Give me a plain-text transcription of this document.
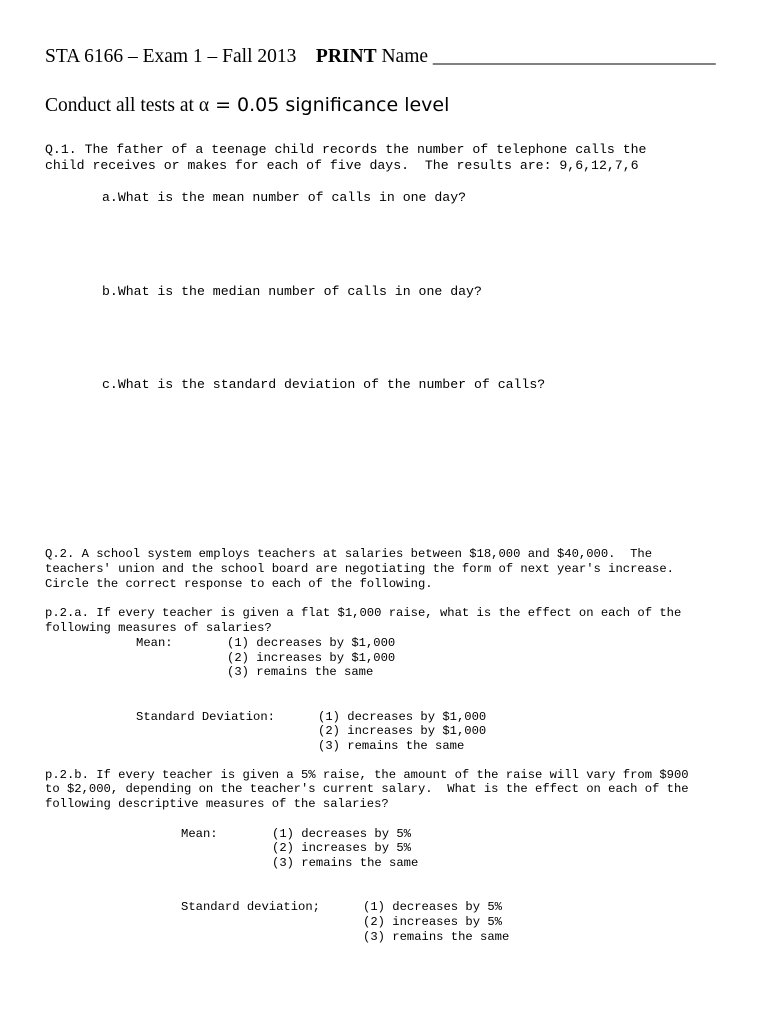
STA 6166 – Exam 1 – Fall 2013 PRINT Name _____________________________
Conduct all tests at α = 0.05 significance level
Q.1. The father of a teenage child records the number of telephone calls the
child receives or makes for each of five days.  The results are: 9,6,12,7,6
a.What is the mean number of calls in one day?
b.What is the median number of calls in one day?
c.What is the standard deviation of the number of calls?
Q.2. A school system employs teachers at salaries between $18,000 and $40,000.  The
teachers' union and the school board are negotiating the form of next year's increase.
Circle the correct response to each of the following.
p.2.a. If every teacher is given a flat $1,000 raise, what is the effect on each of the
following measures of salaries?
Mean:	(1) decreases by $1,000
(2) increases by $1,000
(3) remains the same
Standard Deviation:	(1) decreases by $1,000
(2) increases by $1,000
(3) remains the same
p.2.b. If every teacher is given a 5% raise, the amount of the raise will vary from $900
to $2,000, depending on the teacher's current salary.  What is the effect on each of the
following descriptive measures of the salaries?
Mean:	(1) decreases by 5%
(2) increases by 5%
(3) remains the same
Standard deviation;	(1) decreases by 5%
(2) increases by 5%
(3) remains the same
